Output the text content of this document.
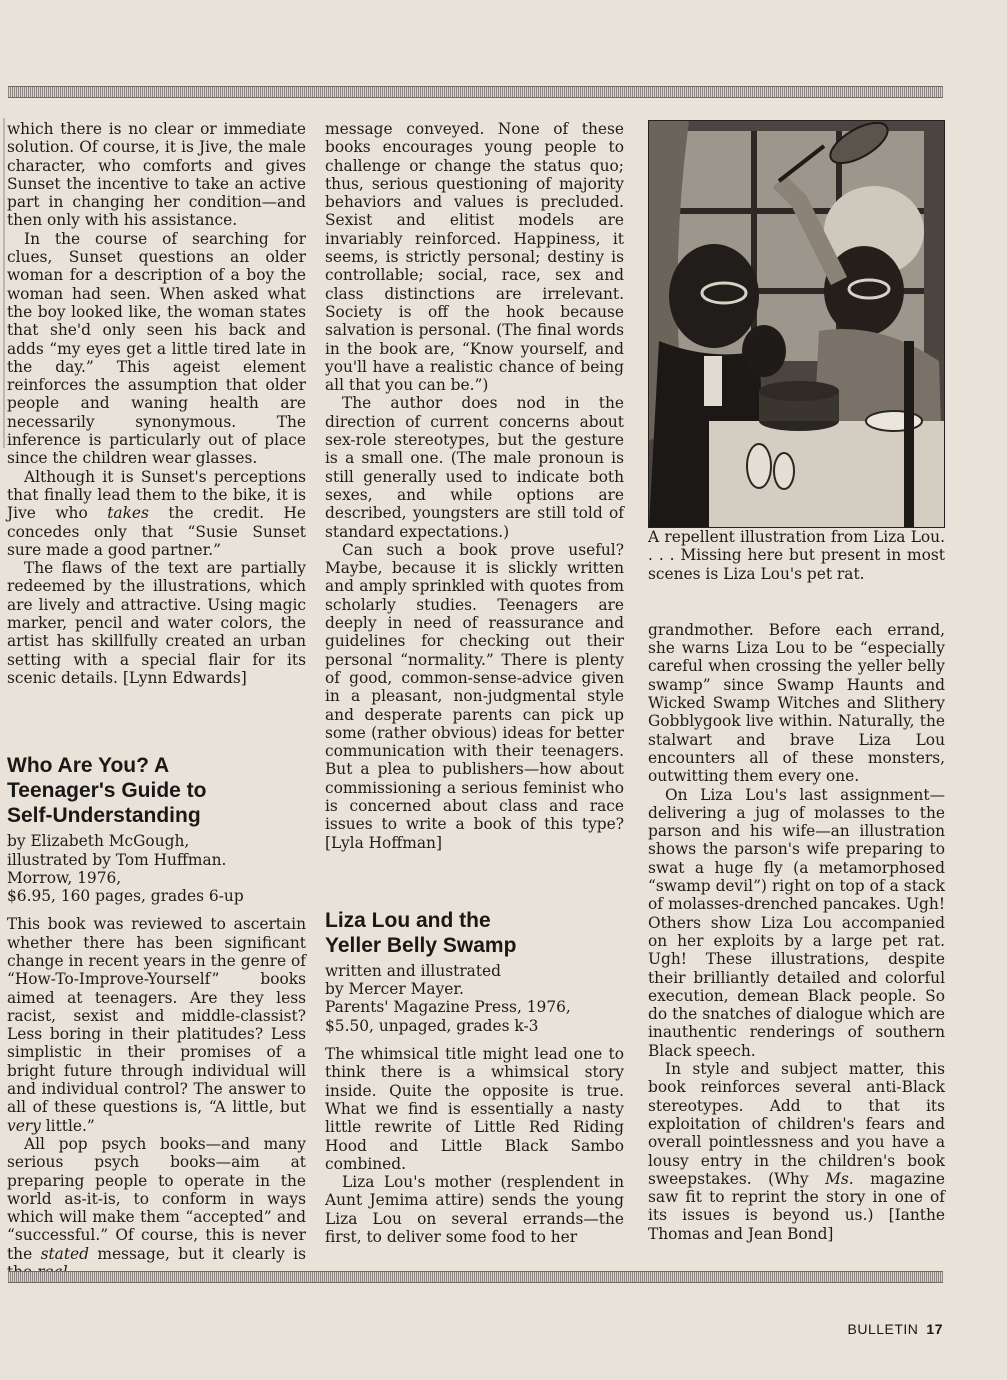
which there is no clear or immediate solution. Of course, it is Jive, the male character, who comforts and gives Sunset the incentive to take an active part in changing her condition—and then only with his assistance.

In the course of searching for clues, Sunset questions an older woman for a description of a boy the woman had seen. When asked what the boy looked like, the woman states that she'd only seen his back and adds “my eyes get a little tired late in the day.” This ageist element reinforces the assumption that older people and waning health are necessarily synonymous. The inference is particularly out of place since the children wear glasses.

Although it is Sunset's perceptions that finally lead them to the bike, it is Jive who takes the credit. He concedes only that “Susie Sunset sure made a good partner.”

The flaws of the text are partially redeemed by the illustrations, which are lively and attractive. Using magic marker, pencil and water colors, the artist has skillfully created an urban setting with a special flair for its scenic details. [Lynn Edwards]

Who Are You? A
Teenager's Guide to
Self-Understanding
by Elizabeth McGough,
illustrated by Tom Huffman.
Morrow, 1976,
$6.95, 160 pages, grades 6-up

This book was reviewed to ascertain whether there has been significant change in recent years in the genre of “How-To-Improve-Yourself” books aimed at teenagers. Are they less racist, sexist and middle-classist? Less boring in their platitudes? Less simplistic in their promises of a bright future through individual will and individual control? The answer to all of these questions is, “A little, but very little.”

All pop psych books—and many serious psych books—aim at preparing people to operate in the world as-it-is, to conform in ways which will make them “accepted” and “successful.” Of course, this is never the stated message, but it clearly is

message conveyed. None of these books encourages young people to challenge or change the status quo; thus, serious questioning of majority behaviors and values is precluded. Sexist and elitist models are invariably reinforced. Happiness, it seems, is strictly personal; destiny is controllable; social, race, sex and class distinctions are irrelevant. Society is off the hook because salvation is personal. (The final words in the book are, “Know yourself, and you'll have a realistic chance of being all that you can be.”)

The author does nod in the direction of current concerns about sex-role stereotypes, but the gesture is a small one. (The male pronoun is still generally used to indicate both sexes, and while options are described, youngsters are still told of standard expectations.)

Can such a book prove useful? Maybe, because it is slickly written and amply sprinkled with quotes from scholarly studies. Teenagers are deeply in need of reassurance and guidelines for checking out their personal “normality.” There is plenty of good, common-sense-advice given in a pleasant, non-judgmental style and desperate parents can pick up some (rather obvious) ideas for better communication with their teenagers. But a plea to publishers—how about commissioning a serious feminist who is concerned about class and race issues to write a book of this type? [Lyla Hoffman]

Liza Lou and the
Yeller Belly Swamp
written and illustrated
by Mercer Mayer.
Parents' Magazine Press, 1976,
$5.50, unpaged, grades k-3

The whimsical title might lead one to think there is a whimsical story inside. Quite the opposite is true. What we find is essentially a nasty little rewrite of Little Red Riding Hood and Little Black Sambo combined.

Liza Lou's mother (resplendent in Aunt Jemima attire) sends the young Liza Lou on several errands—the first, to deliver some food to her

A repellent illustration from Liza Lou. . . . Missing here but present in most scenes is Liza Lou's pet rat.

grandmother. Before each errand, she warns Liza Lou to be “especially careful when crossing the yeller belly swamp” since Swamp Haunts and Wicked Swamp Witches and Slithery Gobblygook live within. Naturally, the stalwart and brave Liza Lou encounters all of these monsters, outwitting them every one.

On Liza Lou's last assignment—delivering a jug of molasses to the parson and his wife—an illustration shows the parson's wife preparing to swat a huge fly (a metamorphosed “swamp devil”) right on top of a stack of molasses-drenched pancakes. Ugh! Others show Liza Lou accompanied on her exploits by a large pet rat. Ugh! These illustrations, despite their brilliantly detailed and colorful execution, demean Black people. So do the snatches of dialogue which are inauthentic renderings of southern Black speech.

In style and subject matter, this book reinforces several anti-Black stereotypes. Add to that its exploitation of children's fears and overall pointlessness and you have a lousy entry in the children's book sweepstakes. (Why Ms. magazine saw fit to reprint the story in one of its issues is beyond us.) [Ianthe Thomas and Jean Bond]

BULLETIN 17
